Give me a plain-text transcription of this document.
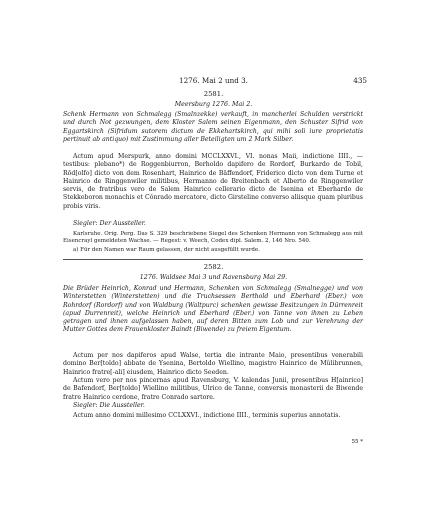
1276. Mai 2 und 3.	435
2581.
Meersburg 1276. Mai 2.

Schenk Hermann von Schmalegg (Smalnzekke) verkauft, in mancherlei Schulden verstrickt und durch Not gezwungen, dem Kloster Salem seinen Eigenmann, den Schuster Sifrid von Eggartskirch (Sifridum sutorem dictum de Ekkehartskirch, qui mihi soli iure proprietatis pertinuit ab antiquo) mit Zustimmung aller Beteiligten um 2 Mark Silber.

Actum apud Merspurk, anno domini MCCLXXVI., VI. nonas Maii, indictione IIII., — testibus: plebano*) de Roggenbiurron, Berholdo dapifero de Rordorf, Burkardo de Tobil, Rōd[olfo] dicto von dem Rosenhart, Hainrico de Bäffendorf, Friderico dicto von dem Turne et Hainrico de Ringgenwiler militibus, Hermanno de Breitenbach et Alberto de Ringgenwiler servis, de fratribus vero de Salem Hainrico cellerario dicto de Isenina et Eberhardo de Stekkeboron monachis et Cŏnrado mercatore, dicto Girsteline converso aliisque quam pluribus probis viris.

Siegler: Der Aussteller.

Karlsruhe. Orig. Perg. Das S. 329 beschriebene Siegel des Schenken Hermann von Schmalegg aus mit Eisencrayl gemeldeten Wachse. — Regest: v. Weech, Codex dipl. Salem. 2, 146 Nro. 540.

a) Für den Namen war Raum gelassen, der nicht ausgefüllt wurde.

2582.
1276. Waldsee Mai 3 und Ravensburg Mai 29.

Die Brüder Heinrich, Konrad und Hermann, Schenken von Schmalegg (Smalnegge) und von Winterstetten (Winterstetten) und die Truchsessen Berthold und Eberhard (Eber.) von Rohrdorf (Rordorf) und von Waldburg (Waltpurc) schenken gewisse Besitzungen in Dürrenreit (apud Durrenreit), welche Heinrich und Eberhard (Eber.) von Tanne von ihnen zu Lehen getragen und ihnen aufgelassen haben, auf deren Bitten zum Lob und zur Verehrung der Mutter Gottes dem Frauenkloster Baindt (Biwende) zu freiem Eigentum.

Actum per nos dapiferos apud Walse, tertia die intrante Maio, presentibus venerabili domino Ber[toldo] abbate de Ysenina, Bertoldo Wiellino, magistro Hainrico de Mûlibrunnen, Hainrico fratre[-ali] eiusdem, Hainrico dicto Seeden.

Actum vero per nos pincernas apud Ravensburg, V. kalendas Junii, presentibus H[ainrico] de Bafendorf, Ber[toldo] Wiellino militibus, Ulrico de Tanne, conversis monasterii de Biwende fratre Hainrico cerdone, fratre Conrado sartore.

Siegler: Die Aussteller.

Actum anno domini millesimo CCLXXVI., indictione IIII., terminis superius annotatis.

55 *
